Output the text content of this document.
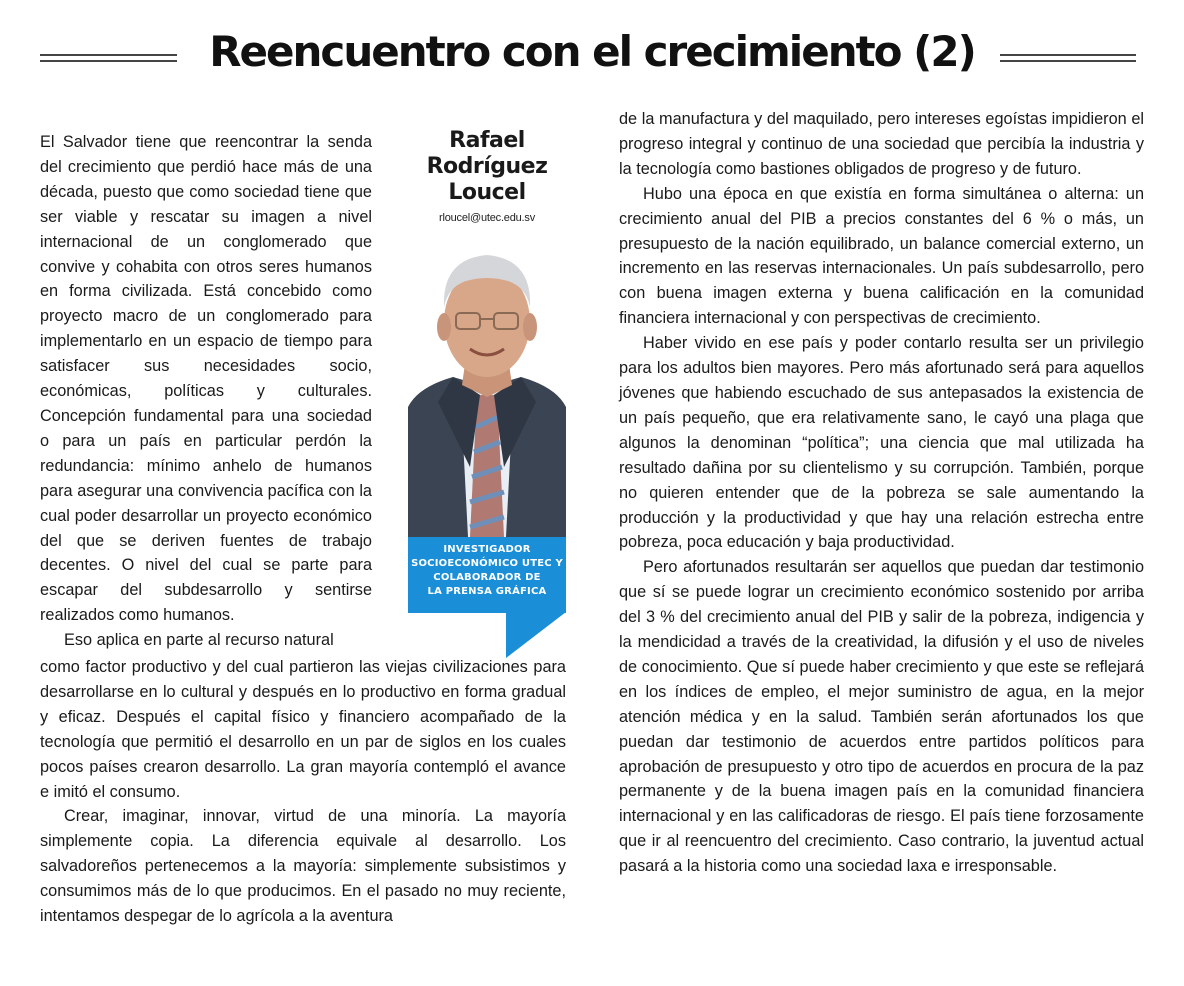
Reencuentro con el crecimiento (2)

El Salvador tiene que reencontrar la senda del crecimiento que perdió hace más de una década, puesto que como sociedad tiene que ser viable y rescatar su imagen a nivel internacional de un conglomerado que convive y cohabita con otros seres humanos en forma civilizada. Está concebido como proyecto macro de un conglomerado para implementarlo en un espacio de tiempo para satisfacer sus necesidades socio, económicas, políticas y culturales. Concepción fundamental para una sociedad o para un país en particular perdón la redundancia: mínimo anhelo de humanos para asegurar una convivencia pacífica con la cual poder desarrollar un proyecto económico del que se deriven fuentes de trabajo decentes. O nivel del cual se parte para escapar del subdesarrollo y sentirse realizados como humanos.

Eso aplica en parte al recurso natural

Rafael

Rodríguez

Loucel

rloucel@utec.edu.sv
INVESTIGADOR
SOCIOECONÓMICO UTEC Y
COLABORADOR DE
LA PRENSA GRÁFICA

como factor productivo y del cual partieron las viejas civilizaciones para desarrollarse en lo cultural y después en lo productivo en forma gradual y eficaz. Después el capital físico y financiero acompañado de la tecnología que permitió el desarrollo en un par de siglos en los cuales pocos países crearon desarrollo. La gran mayoría contempló el avance e imitó el consumo.

Crear, imaginar, innovar, virtud de una minoría. La mayoría simplemente copia. La diferencia equivale al desarrollo. Los salvadoreños pertenecemos a la mayoría: simplemente subsistimos y consumimos más de lo que producimos. En el pasado no muy reciente, intentamos despegar de lo agrícola a la aventura

de la manufactura y del maquilado, pero intereses egoístas impidieron el progreso integral y continuo de una sociedad que percibía la industria y la tecnología como bastiones obligados de progreso y de futuro.

Hubo una época en que existía en forma simultánea o alterna: un crecimiento anual del PIB a precios constantes del 6 % o más, un presupuesto de la nación equilibrado, un balance comercial externo, un incremento en las reservas internacionales. Un país subdesarrollo, pero con buena imagen externa y buena calificación en la comunidad financiera internacional y con perspectivas de crecimiento.

Haber vivido en ese país y poder contarlo resulta ser un privilegio para los adultos bien mayores. Pero más afortunado será para aquellos jóvenes que habiendo escuchado de sus antepasados la existencia de un país pequeño, que era relativamente sano, le cayó una plaga que algunos la denominan “política”; una ciencia que mal utilizada ha resultado dañina por su clientelismo y su corrupción. También, porque no quieren entender que de la pobreza se sale aumentando la producción y la productividad y que hay una relación estrecha entre pobreza, poca educación y baja productividad.

Pero afortunados resultarán ser aquellos que puedan dar testimonio que sí se puede lograr un crecimiento económico sostenido por arriba del 3 % del crecimiento anual del PIB y salir de la pobreza, indigencia y la mendicidad a través de la creatividad, la difusión y el uso de niveles de conocimiento. Que sí puede haber crecimiento y que este se reflejará en los índices de empleo, el mejor suministro de agua, en la mejor atención médica y en la salud. También serán afortunados los que puedan dar testimonio de acuerdos entre partidos políticos para aprobación de presupuesto y otro tipo de acuerdos en procura de la paz permanente y de la buena imagen país en la comunidad financiera internacional y en las calificadoras de riesgo. El país tiene forzosamente que ir al reencuentro del crecimiento. Caso contrario, la juventud actual pasará a la historia como una sociedad laxa e irresponsable.
